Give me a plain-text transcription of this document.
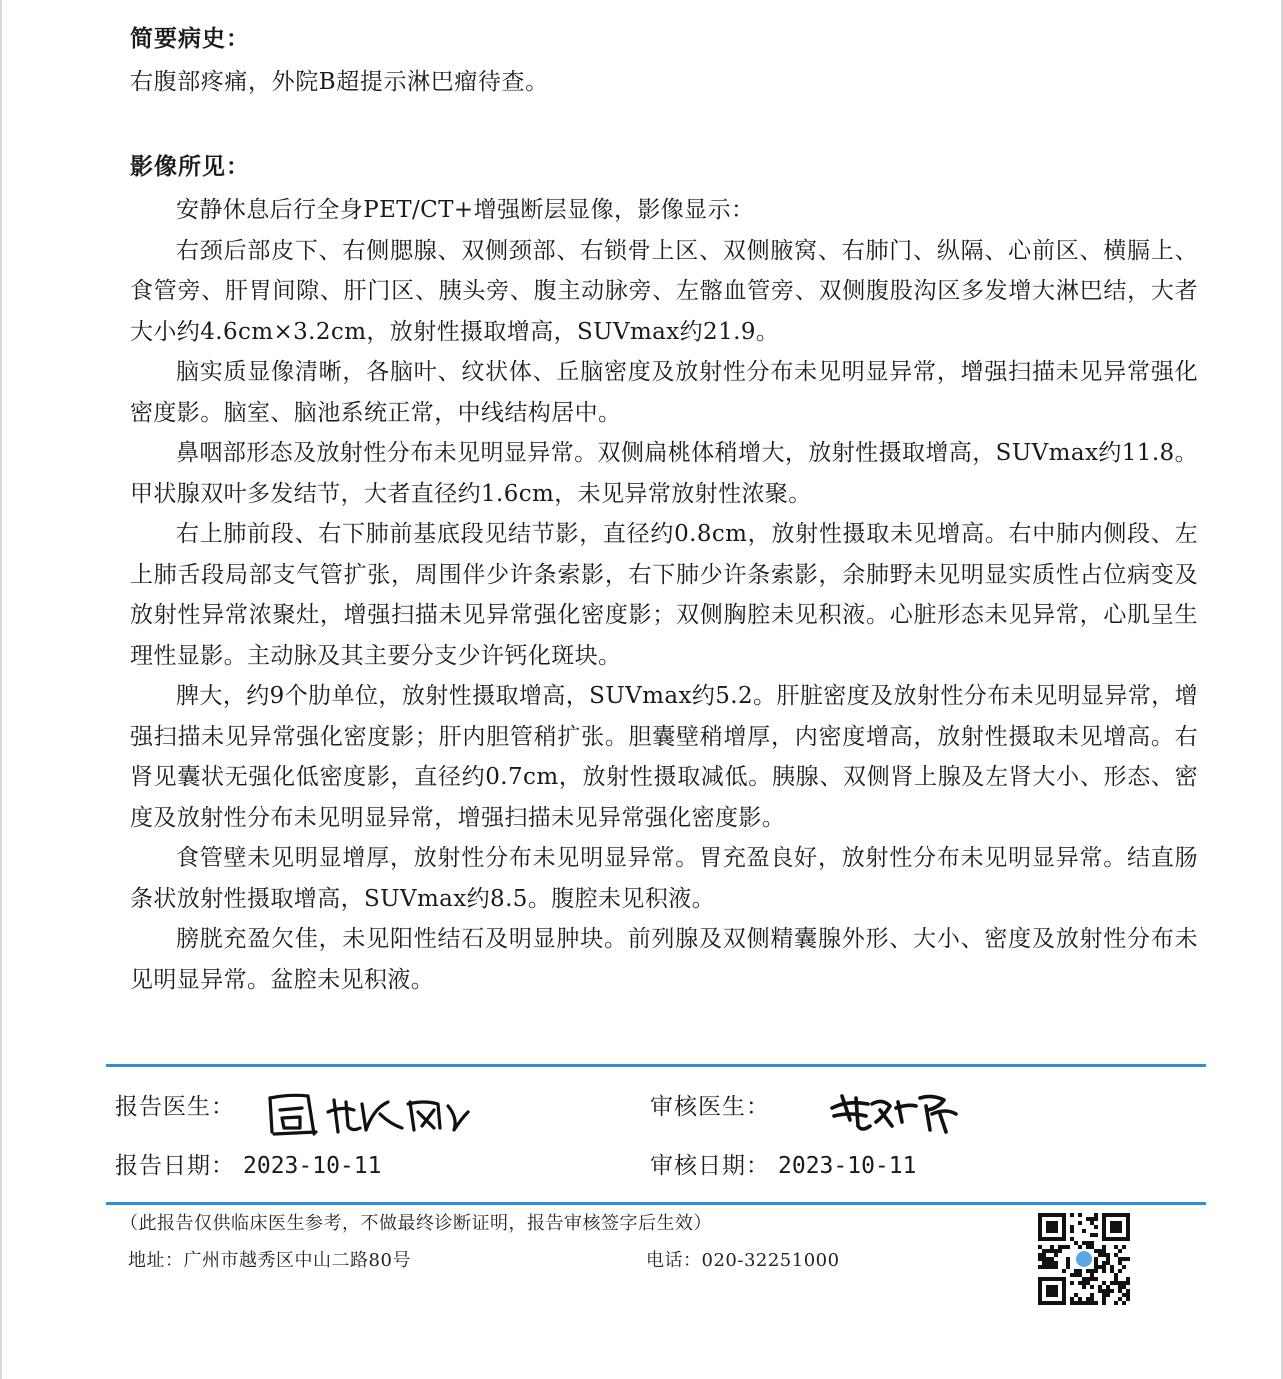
简要病史：
右腹部疼痛，外院B超提示淋巴瘤待查。
影像所见：

安静休息后行全身PET/CT+增强断层显像，影像显示：

右颈后部皮下、右侧腮腺、双侧颈部、右锁骨上区、双侧腋窝、右肺门、纵隔、心前区、横膈上、食管旁、肝胃间隙、肝门区、胰头旁、腹主动脉旁、左髂血管旁、双侧腹股沟区多发增大淋巴结，大者大小约4.6cm×3.2cm，放射性摄取增高，SUVmax约21.9。

脑实质显像清晰，各脑叶、纹状体、丘脑密度及放射性分布未见明显异常，增强扫描未见异常强化密度影。脑室、脑池系统正常，中线结构居中。

鼻咽部形态及放射性分布未见明显异常。双侧扁桃体稍增大，放射性摄取增高，SUVmax约11.8。甲状腺双叶多发结节，大者直径约1.6cm，未见异常放射性浓聚。

右上肺前段、右下肺前基底段见结节影，直径约0.8cm，放射性摄取未见增高。右中肺内侧段、左上肺舌段局部支气管扩张，周围伴少许条索影，右下肺少许条索影，余肺野未见明显实质性占位病变及放射性异常浓聚灶，增强扫描未见异常强化密度影；双侧胸腔未见积液。心脏形态未见异常，心肌呈生理性显影。主动脉及其主要分支少许钙化斑块。

脾大，约9个肋单位，放射性摄取增高，SUVmax约5.2。肝脏密度及放射性分布未见明显异常，增强扫描未见异常强化密度影；肝内胆管稍扩张。胆囊壁稍增厚，内密度增高，放射性摄取未见增高。右肾见囊状无强化低密度影，直径约0.7cm，放射性摄取减低。胰腺、双侧肾上腺及左肾大小、形态、密度及放射性分布未见明显异常，增强扫描未见异常强化密度影。

食管壁未见明显增厚，放射性分布未见明显异常。胃充盈良好，放射性分布未见明显异常。结直肠条状放射性摄取增高，SUVmax约8.5。腹腔未见积液。

膀胱充盈欠佳，未见阳性结石及明显肿块。前列腺及双侧精囊腺外形、大小、密度及放射性分布未见明显异常。盆腔未见积液。

报告医生：	审核医生：
报告日期： 2023-10-11	审核日期： 2023-10-11
（此报告仅供临床医生参考，不做最终诊断证明，报告审核签字后生效）
地址：广州市越秀区中山二路80号	电话：020-32251000
